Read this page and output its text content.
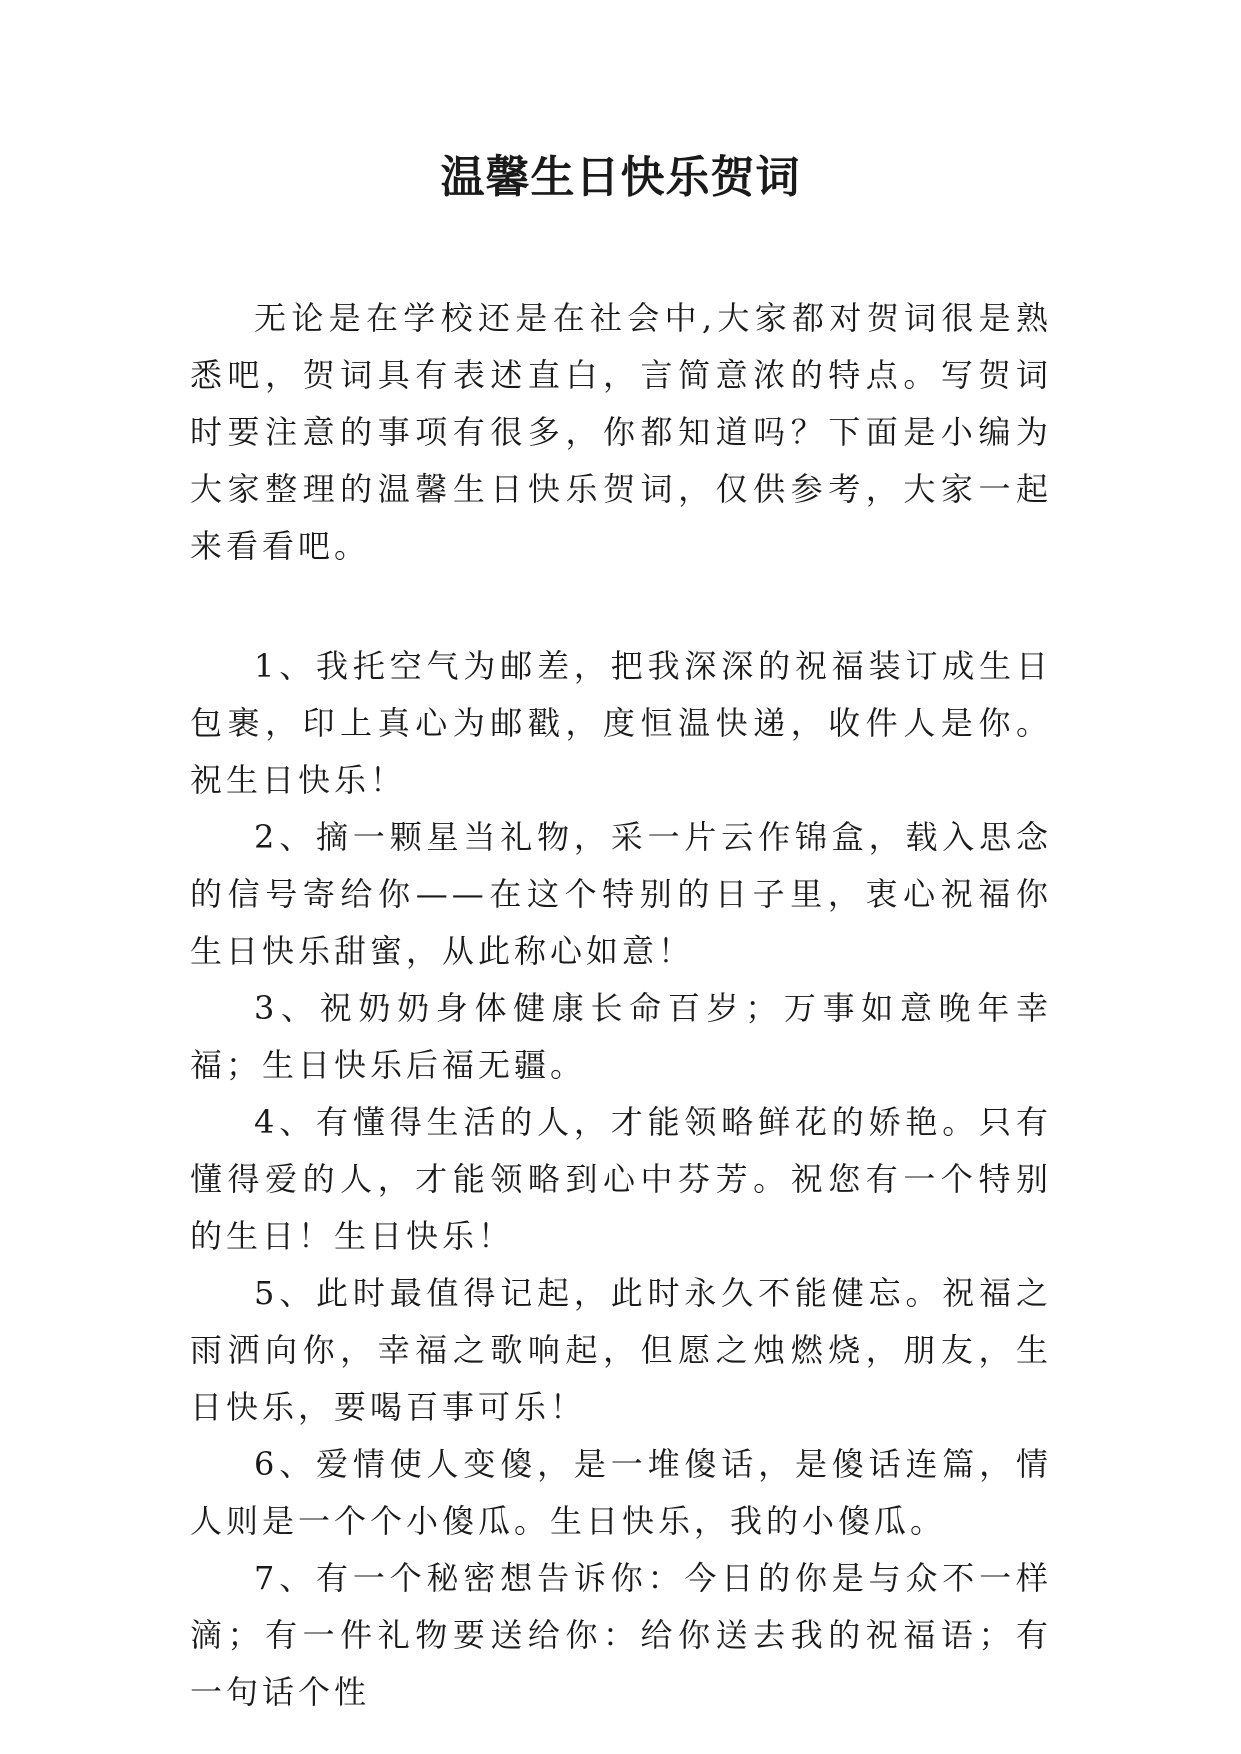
温馨生日快乐贺词

无论是在学校还是在社会中,大家都对贺词很是熟悉吧，贺词具有表述直白，言简意浓的特点。写贺词时要注意的事项有很多，你都知道吗？下面是小编为大家整理的温馨生日快乐贺词，仅供参考，大家一起来看看吧。

1、我托空气为邮差，把我深深的祝福装订成生日包裹，印上真心为邮戳，度恒温快递，收件人是你。祝生日快乐！

2、摘一颗星当礼物，采一片云作锦盒，载入思念的信号寄给你——在这个特别的日子里，衷心祝福你生日快乐甜蜜，从此称心如意！

3、祝奶奶身体健康长命百岁；万事如意晚年幸福；生日快乐后福无疆。

4、有懂得生活的人，才能领略鲜花的娇艳。只有懂得爱的人，才能领略到心中芬芳。祝您有一个特别的生日！生日快乐！

5、此时最值得记起，此时永久不能健忘。祝福之雨洒向你，幸福之歌响起，但愿之烛燃烧，朋友，生日快乐，要喝百事可乐！

6、爱情使人变傻，是一堆傻话，是傻话连篇，情人则是一个个小傻瓜。生日快乐，我的小傻瓜。

7、有一个秘密想告诉你：今日的你是与众不一样滴；有一件礼物要送给你：给你送去我的祝福语；有一句话个性
